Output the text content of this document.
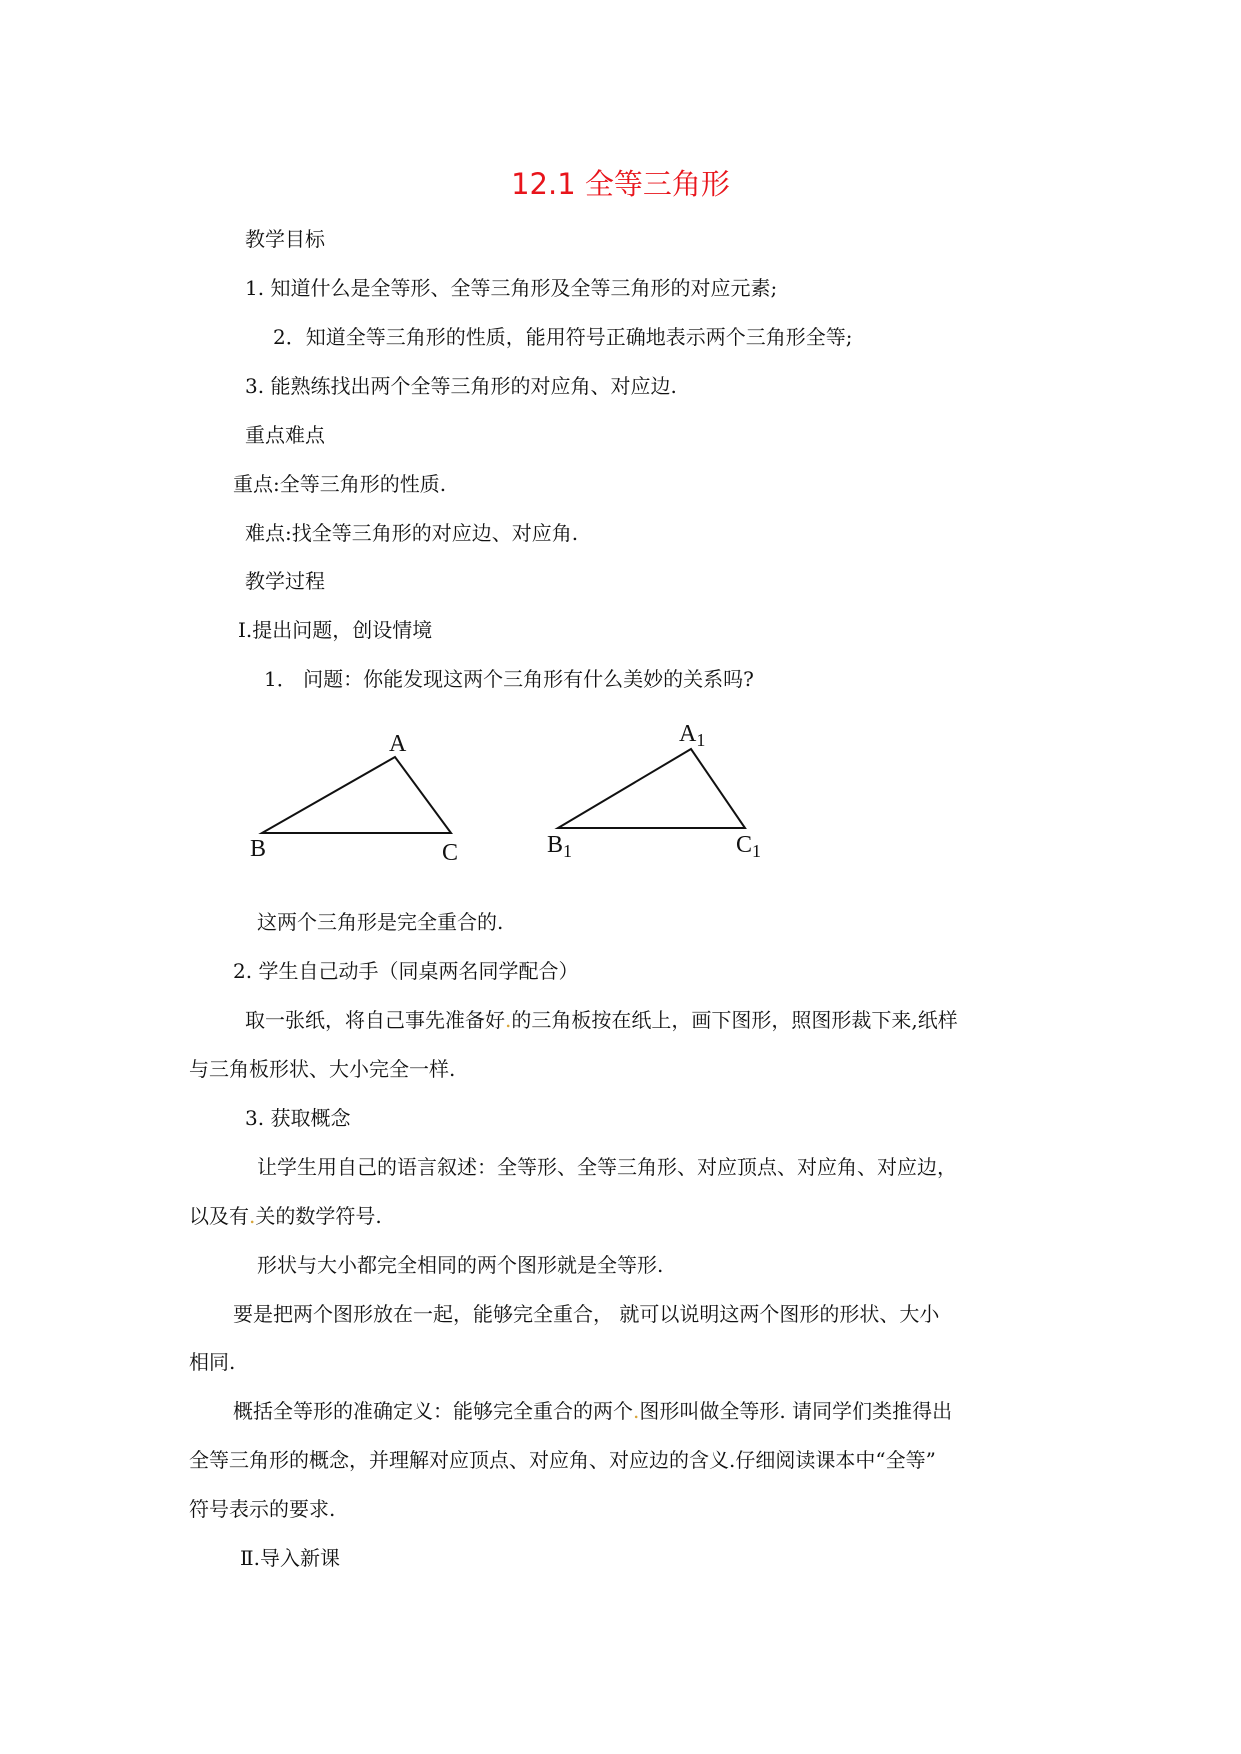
12.1 全等三角形
教学目标
1. 知道什么是全等形、全等三角形及全等三角形的对应元素;
2．知道全等三角形的性质，能用符号正确地表示两个三角形全等;
3. 能熟练找出两个全等三角形的对应角、对应边.
重点难点
重点:全等三角形的性质.
难点:找全等三角形的对应边、对应角.
教学过程
Ⅰ.提出问题，创设情境
1． 问题：你能发现这两个三角形有什么美妙的关系吗?
A
B	C
$A_1$
$B_1$	$C_1$
这两个三角形是完全重合的.
2. 学生自己动手（同桌两名同学配合）
取一张纸，将自己事先准备好.的三角板按在纸上，画下图形，照图形裁下来,纸样
与三角板形状、大小完全一样.
3. 获取概念
让学生用自己的语言叙述：全等形、全等三角形、对应顶点、对应角、对应边，
以及有.关的数学符号.
形状与大小都完全相同的两个图形就是全等形.
要是把两个图形放在一起，能够完全重合， 就可以说明这两个图形的形状、大小
相同.
概括全等形的准确定义：能够完全重合的两个.图形叫做全等形. 请同学们类推得出
全等三角形的概念，并理解对应顶点、对应角、对应边的含义.仔细阅读课本中“全等”
符号表示的要求.
Ⅱ.导入新课
